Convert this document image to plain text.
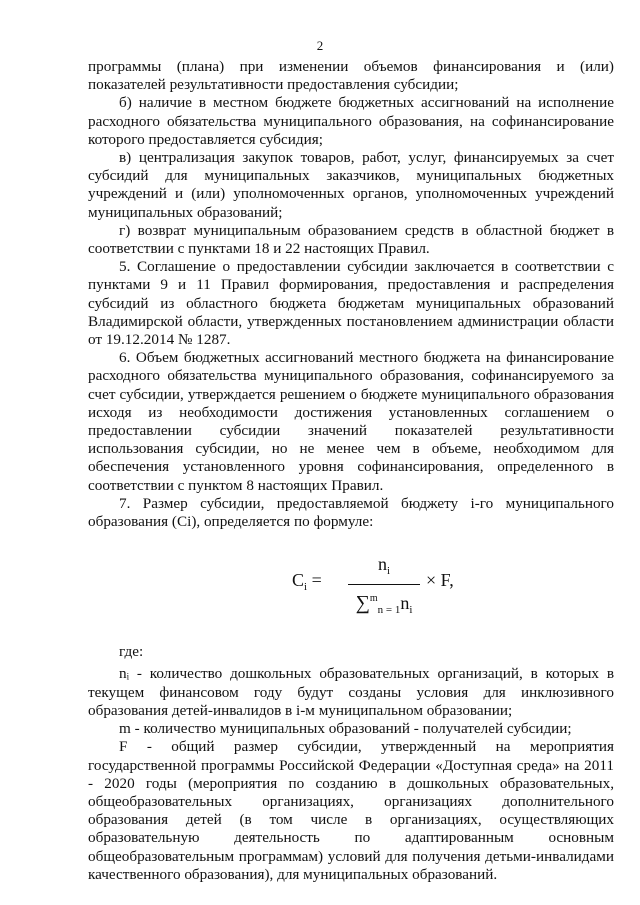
2

программы (плана) при изменении объемов финансирования и (или) показателей результативности предоставления субсидии;

б) наличие в местном бюджете бюджетных ассигнований на исполнение расходного обязательства муниципального образования, на софинансирование которого предоставляется субсидия;

в) централизация закупок товаров, работ, услуг, финансируемых за счет субсидий для муниципальных заказчиков, муниципальных бюджетных учреждений и (или) уполномоченных органов, уполномоченных учреждений муниципальных образований;

г) возврат муниципальным образованием средств в областной бюджет в соответствии с пунктами 18 и 22 настоящих Правил.

5. Соглашение о предоставлении субсидии заключается в соответствии с пунктами 9 и 11 Правил формирования, предоставления и распределения субсидий из областного бюджета бюджетам муниципальных образований Владимирской области, утвержденных постановлением администрации области от 19.12.2014 № 1287.

6. Объем бюджетных ассигнований местного бюджета на финансирование расходного обязательства муниципального образования, софинансируемого за счет субсидии, утверждается решением о бюджете муниципального образования исходя из необходимости достижения установленных соглашением о предоставлении субсидии значений показателей результативности использования субсидии, но не менее чем в объеме, необходимом для обеспечения установленного уровня софинансирования, определенного в соответствии с пунктом 8 настоящих Правил.

7. Размер субсидии, предоставляемой бюджету i-го муниципального образования (Ci), определяется по формуле:

$C_i$ =
$n_i$
$\sum^m_{n = 1}n_i$
× F,

где:

nᵢ - количество дошкольных образовательных организаций, в которых в текущем финансовом году будут созданы условия для инклюзивного образования детей-инвалидов в i-м муниципальном образовании;

m - количество муниципальных образований - получателей субсидии;

F - общий размер субсидии, утвержденный на мероприятия государственной программы Российской Федерации «Доступная среда» на 2011 - 2020 годы (мероприятия по созданию в дошкольных образовательных, общеобразовательных организациях, организациях дополнительного образования детей (в том числе в организациях, осуществляющих образовательную деятельность по адаптированным основным общеобразовательным программам) условий для получения детьми-инвалидами качественного образования), для муниципальных образований.
